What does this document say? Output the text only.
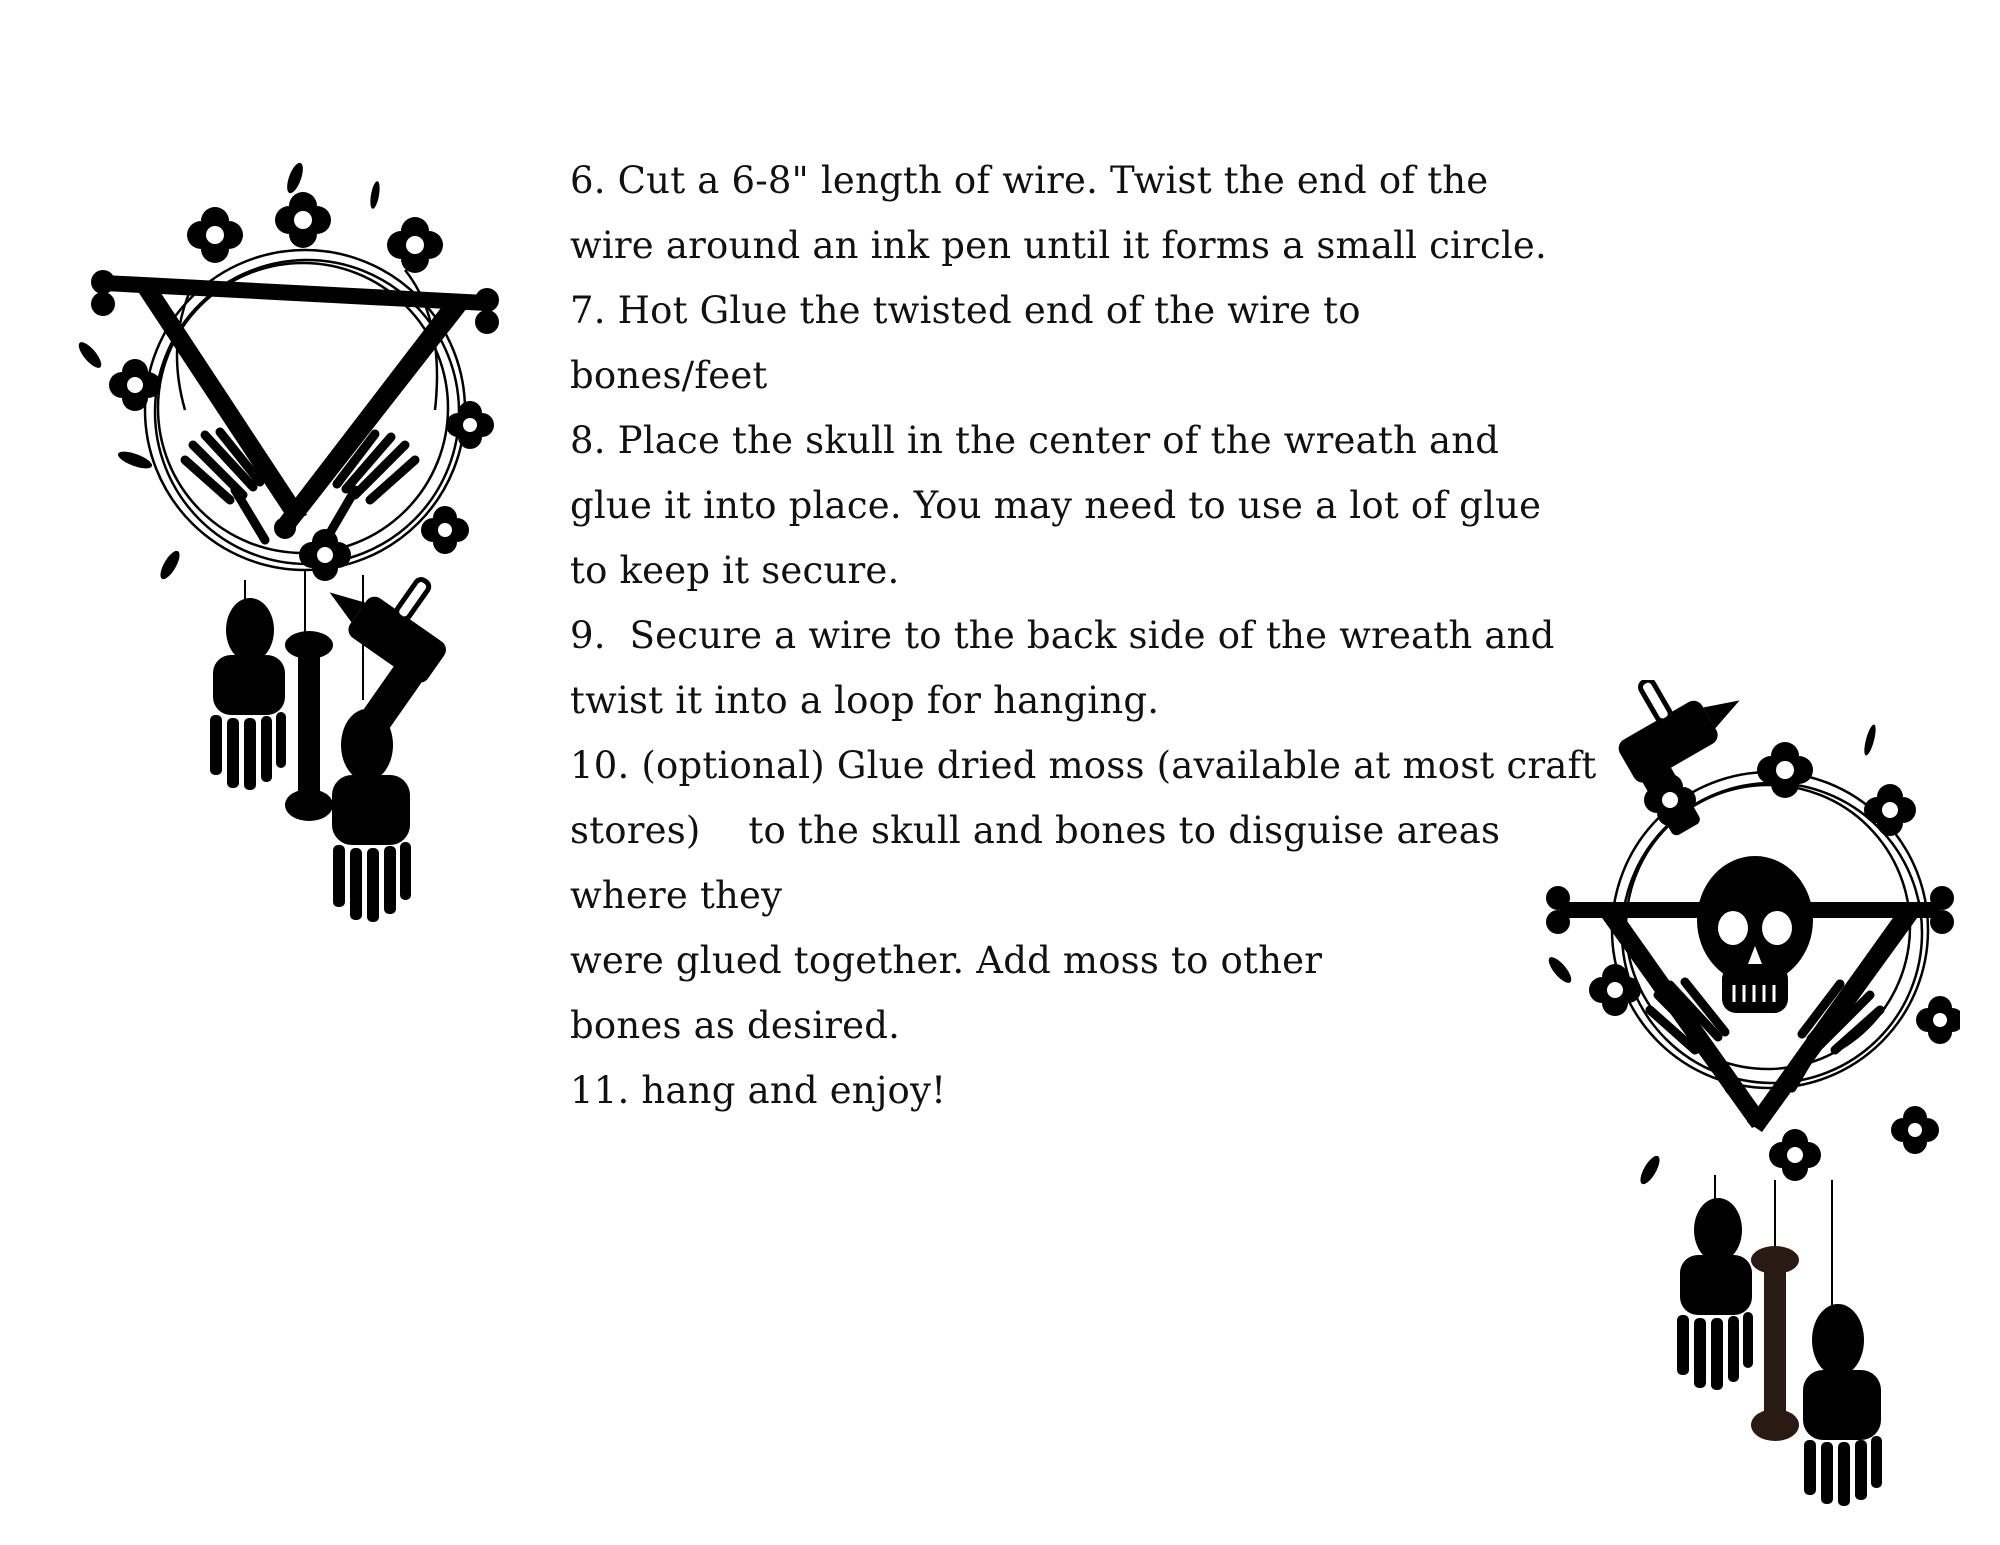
6. Cut a 6-8" length of wire. Twist the end of the
wire around an ink pen until it forms a small circle.
7. Hot Glue the twisted end of the wire to
bones/feet
8. Place the skull in the center of the wreath and
glue it into place. You may need to use a lot of glue
to keep it secure.
9.  Secure a wire to the back side of the wreath and
twist it into a loop for hanging.
10. (optional) Glue dried moss (available at most craft
stores)    to the skull and bones to disguise areas
where they
were glued together. Add moss to other
bones as desired.
11. hang and enjoy!
